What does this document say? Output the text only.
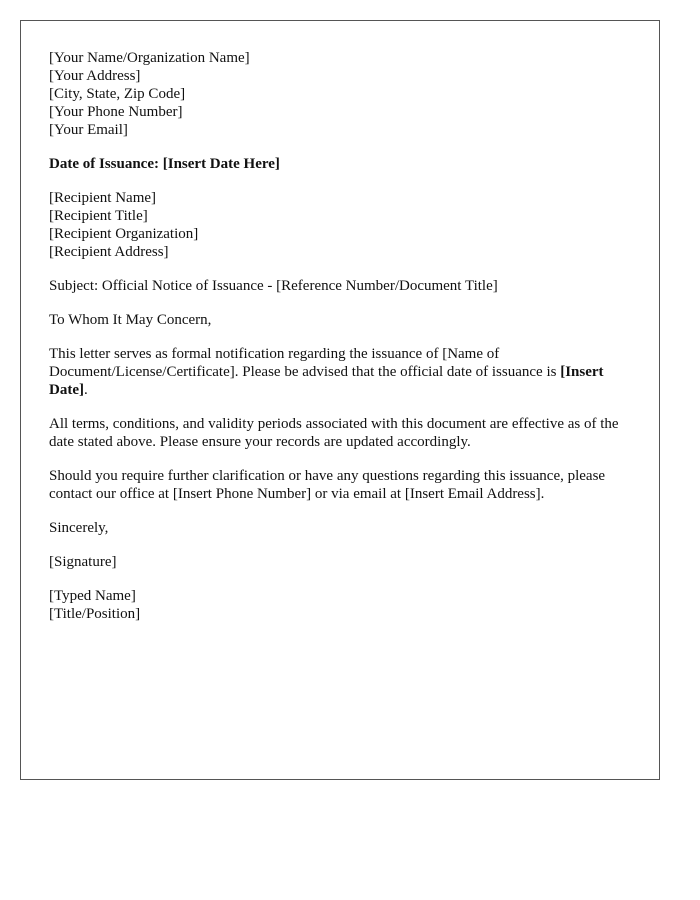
[Your Name/Organization Name]
[Your Address]
[City, State, Zip Code]
[Your Phone Number]
[Your Email]

Date of Issuance: [Insert Date Here]

[Recipient Name]
[Recipient Title]
[Recipient Organization]
[Recipient Address]

Subject: Official Notice of Issuance - [Reference Number/Document Title]

To Whom It May Concern,

This letter serves as formal notification regarding the issuance of [Name of Document/License/Certificate]. Please be advised that the official date of issuance is [Insert Date].

All terms, conditions, and validity periods associated with this document are effective as of the date stated above. Please ensure your records are updated accordingly.

Should you require further clarification or have any questions regarding this issuance, please contact our office at [Insert Phone Number] or via email at [Insert Email Address].

Sincerely,

[Signature]

[Typed Name]
[Title/Position]
